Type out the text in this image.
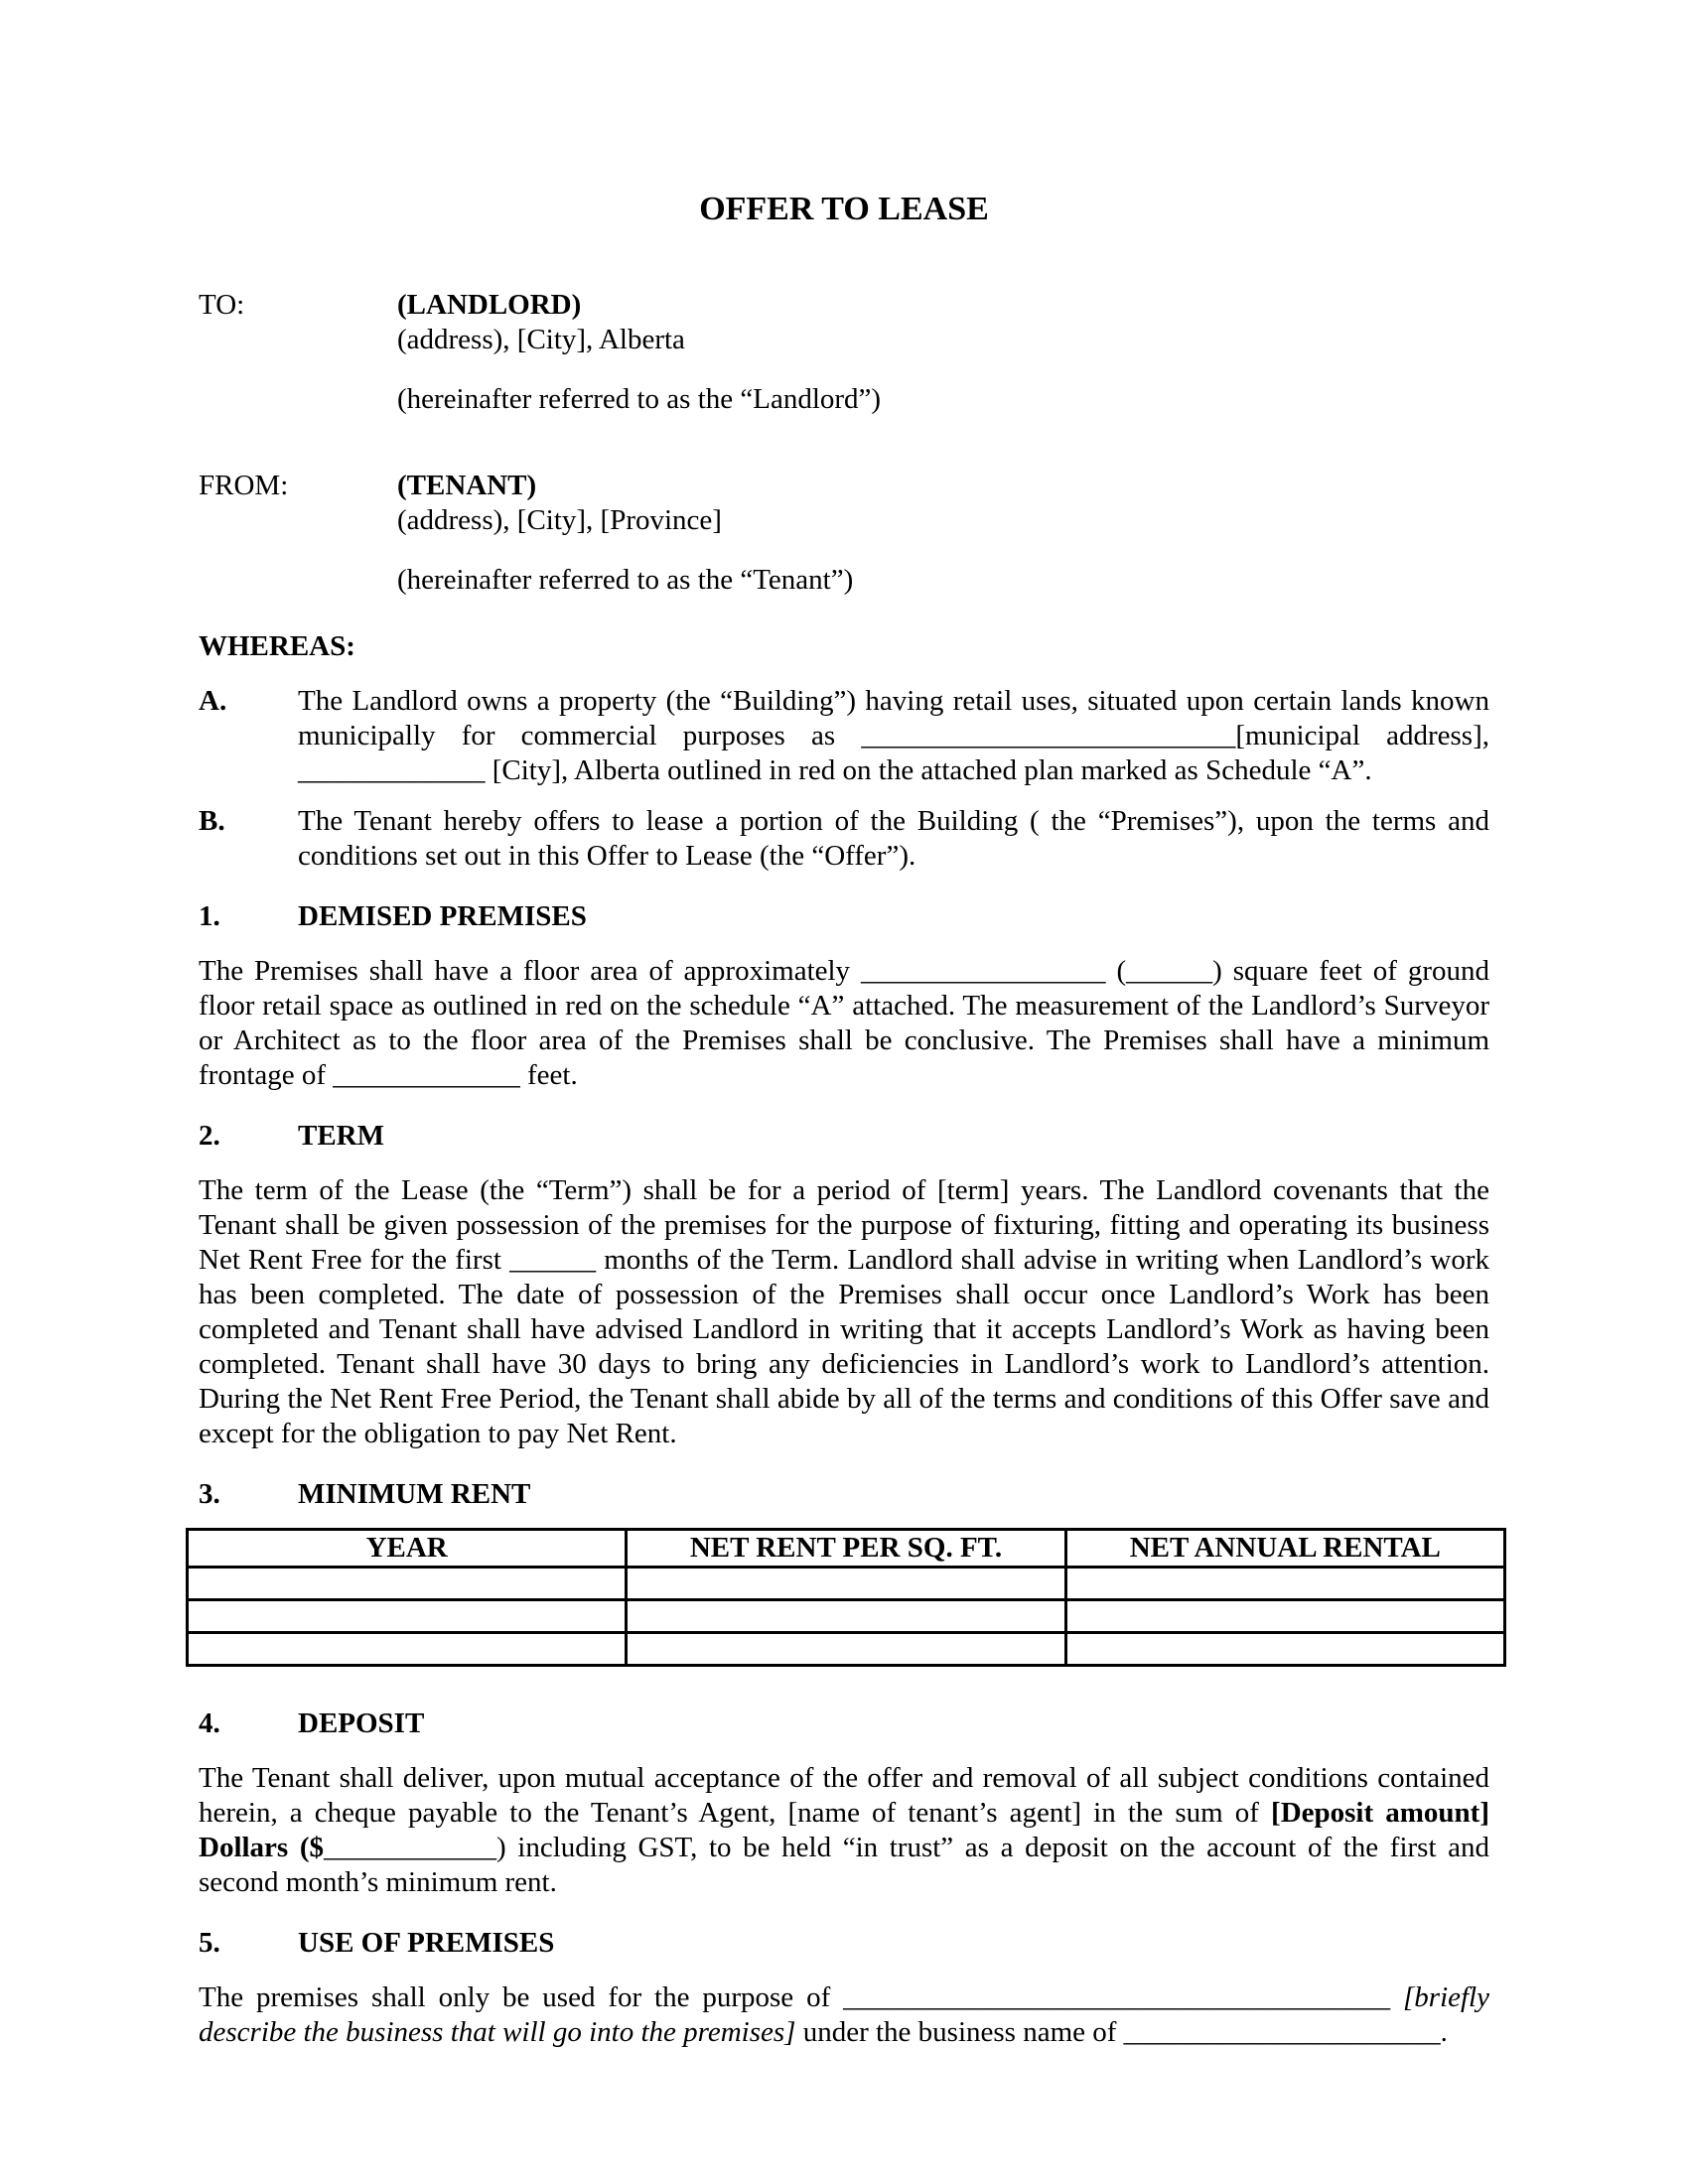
OFFER TO LEASE
TO:	(LANDLORD)
(address), [City], Alberta
(hereinafter referred to as the “Landlord”)
FROM:	(TENANT)
(address), [City], [Province]
(hereinafter referred to as the “Tenant”)
WHEREAS:
A.	The Landlord owns a property (the “Building”) having retail uses, situated upon certain lands known municipally for commercial purposes as __________________________[municipal address], _____________ [City], Alberta outlined in red on the attached plan marked as Schedule “A”.
B.	The Tenant hereby offers to lease a portion of the Building ( the “Premises”), upon the terms and conditions set out in this Offer to Lease (the “Offer”).
1.	DEMISED PREMISES

The Premises shall have a floor area of approximately _________________ (______) square feet of ground floor retail space as outlined in red on the schedule “A” attached. The measurement of the Landlord’s Surveyor or Architect as to the floor area of the Premises shall be conclusive. The Premises shall have a minimum frontage of _____________ feet.

2.	TERM

The term of the Lease (the “Term”) shall be for a period of [term] years. The Landlord covenants that the Tenant shall be given possession of the premises for the purpose of fixturing, fitting and operating its business Net Rent Free for the first ______ months of the Term. Landlord shall advise in writing when Landlord’s work has been completed. The date of possession of the Premises shall occur once Landlord’s Work has been completed and Tenant shall have advised Landlord in writing that it accepts Landlord’s Work as having been completed. Tenant shall have 30 days to bring any deficiencies in Landlord’s work to Landlord’s attention. During the Net Rent Free Period, the Tenant shall abide by all of the terms and conditions of this Offer save and except for the obligation to pay Net Rent.

3.	MINIMUM RENT
YEAR	NET RENT PER SQ. FT.	NET ANNUAL RENTAL

4.	DEPOSIT

The Tenant shall deliver, upon mutual acceptance of the offer and removal of all subject conditions contained herein, a cheque payable to the Tenant’s Agent, [name of tenant’s agent] in the sum of [Deposit amount] Dollars ($____________) including GST, to be held “in trust” as a deposit on the account of the first and second month’s minimum rent.

5.	USE OF PREMISES

The premises shall only be used for the purpose of ______________________________________ [briefly describe the business that will go into the premises] under the business name of ______________________.
